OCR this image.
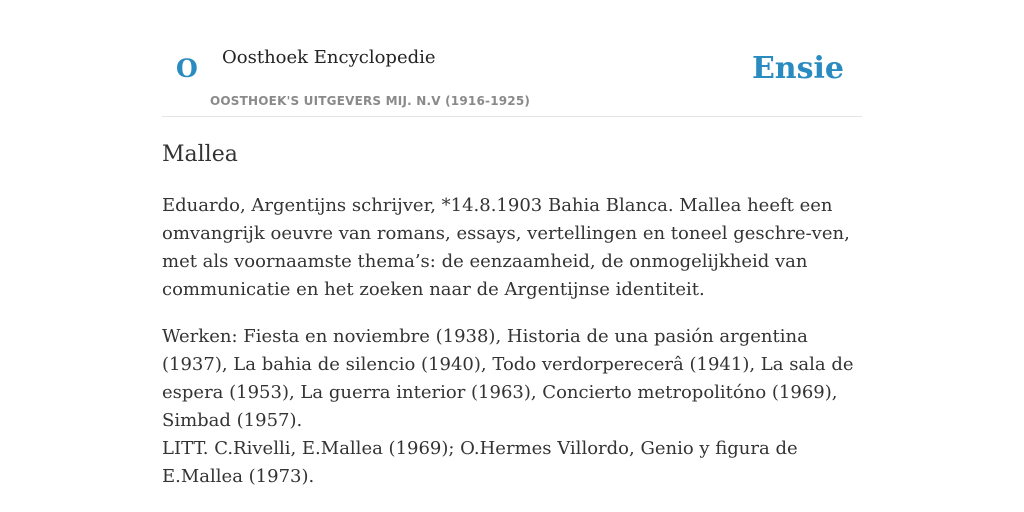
O Oosthoek Encyclopedie
OOSTHOEK'S UITGEVERS MIJ. N.V (1916-1925)
Ensie
Mallea

Eduardo, Argentijns schrijver, *14.8.1903 Bahia Blanca. Mallea heeft een omvangrijk oeuvre van romans, essays, vertellingen en toneel geschre-ven, met als voornaamste thema’s: de eenzaamheid, de onmogelijkheid van communicatie en het zoeken naar de Argentijnse identiteit.

Werken: Fiesta en noviembre (1938), Historia de una pasión argentina (1937), La bahia de silencio (1940), Todo verdorperecerâ (1941), La sala de espera (1953), La guerra interior (1963), Concierto metropolitóno (1969), Simbad (1957).

LITT. C.Rivelli, E.Mallea (1969); O.Hermes Villordo, Genio y figura de E.Mallea (1973).
